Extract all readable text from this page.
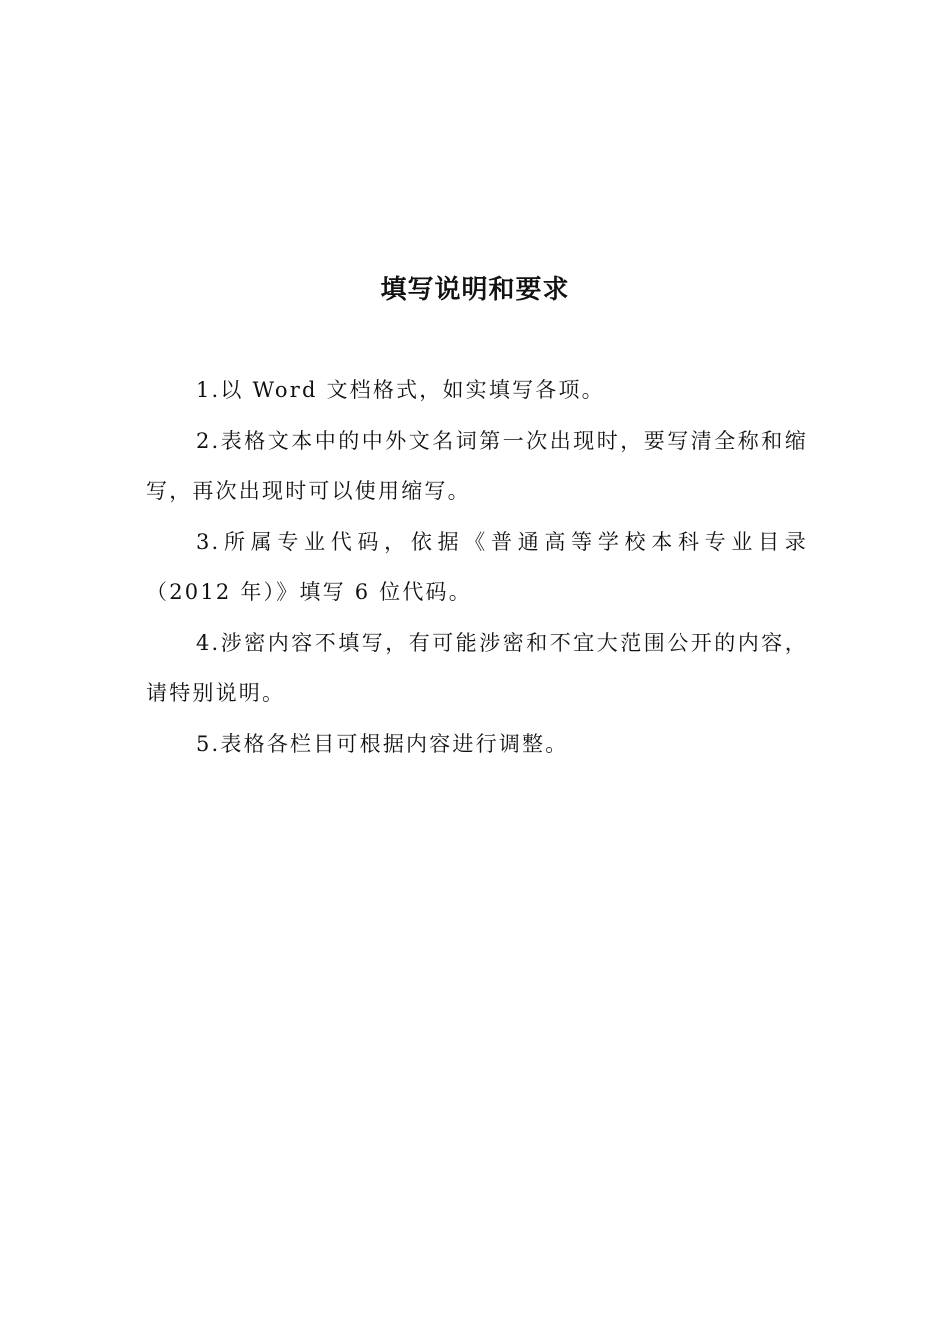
填写说明和要求

1.以 Word 文档格式，如实填写各项。

2.表格文本中的中外文名词第一次出现时，要写清全称和缩写，再次出现时可以使用缩写。

3.所属专业代码，依据《普通高等学校本科专业目录（2012 年）》填写 6 位代码。

4.涉密内容不填写，有可能涉密和不宜大范围公开的内容，请特别说明。

5.表格各栏目可根据内容进行调整。
